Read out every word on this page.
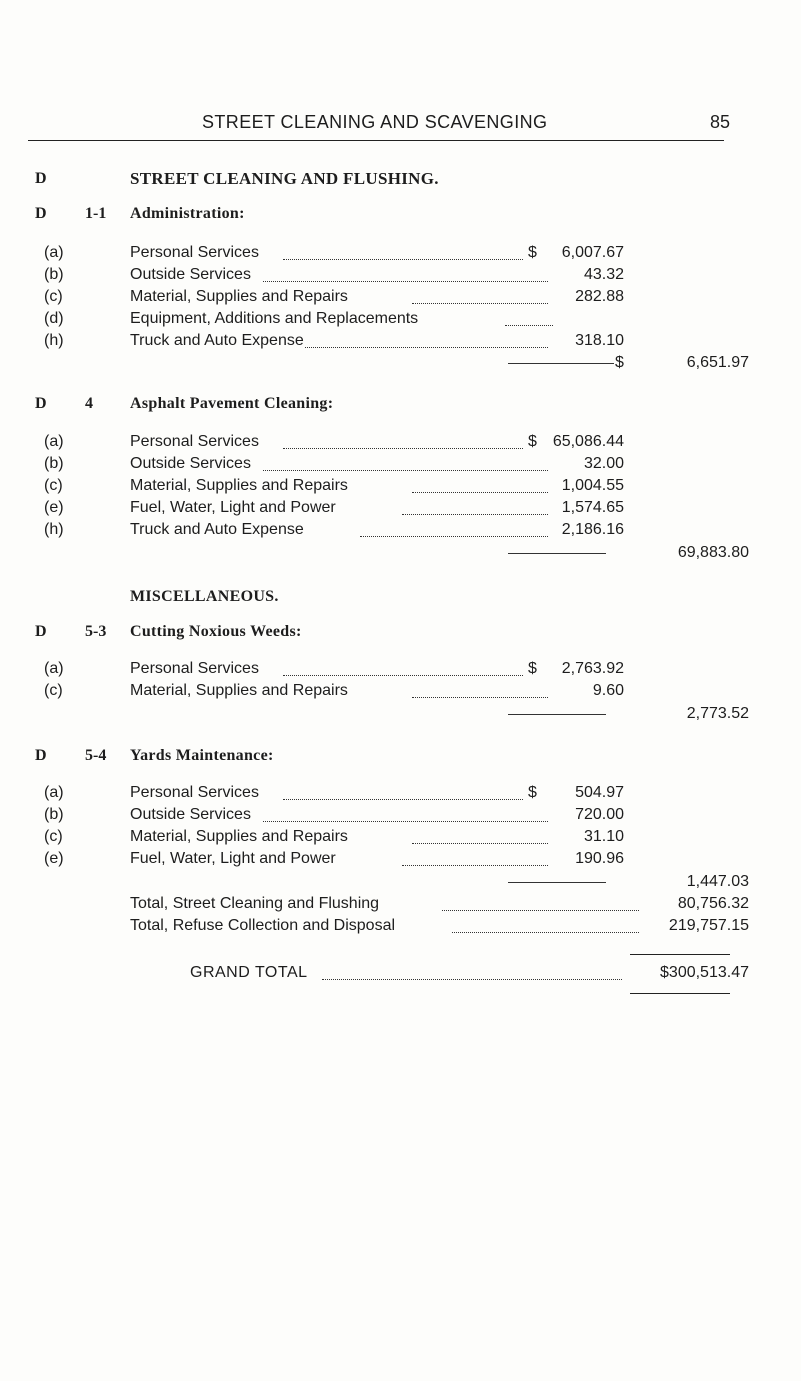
STREET CLEANING AND SCAVENGING	85
D	STREET CLEANING AND FLUSHING.
D 1-1 Administration:
(a)	Personal Services	$ 6,007.67
(b)	Outside Services	43.32
(c)	Material, Supplies and Repairs	282.88
(d)	Equipment, Additions and Replacements
(h)	Truck and Auto Expense	318.10
$	6,651.97
D 4 Asphalt Pavement Cleaning:
(a)	Personal Services	$ 65,086.44
(b)	Outside Services	32.00
(c)	Material, Supplies and Repairs	1,004.55
(e)	Fuel, Water, Light and Power	1,574.65
(h)	Truck and Auto Expense	2,186.16
69,883.80
MISCELLANEOUS.
D 5-3 Cutting Noxious Weeds:
(a)	Personal Services	$ 2,763.92
(c)	Material, Supplies and Repairs	9.60
2,773.52
D 5-4 Yards Maintenance:
(a)	Personal Services	$ 504.97
(b)	Outside Services	720.00
(c)	Material, Supplies and Repairs	31.10
(e)	Fuel, Water, Light and Power	190.96
1,447.03
Total, Street Cleaning and Flushing	80,756.32
Total, Refuse Collection and Disposal	219,757.15
GRAND TOTAL	$300,513.47
